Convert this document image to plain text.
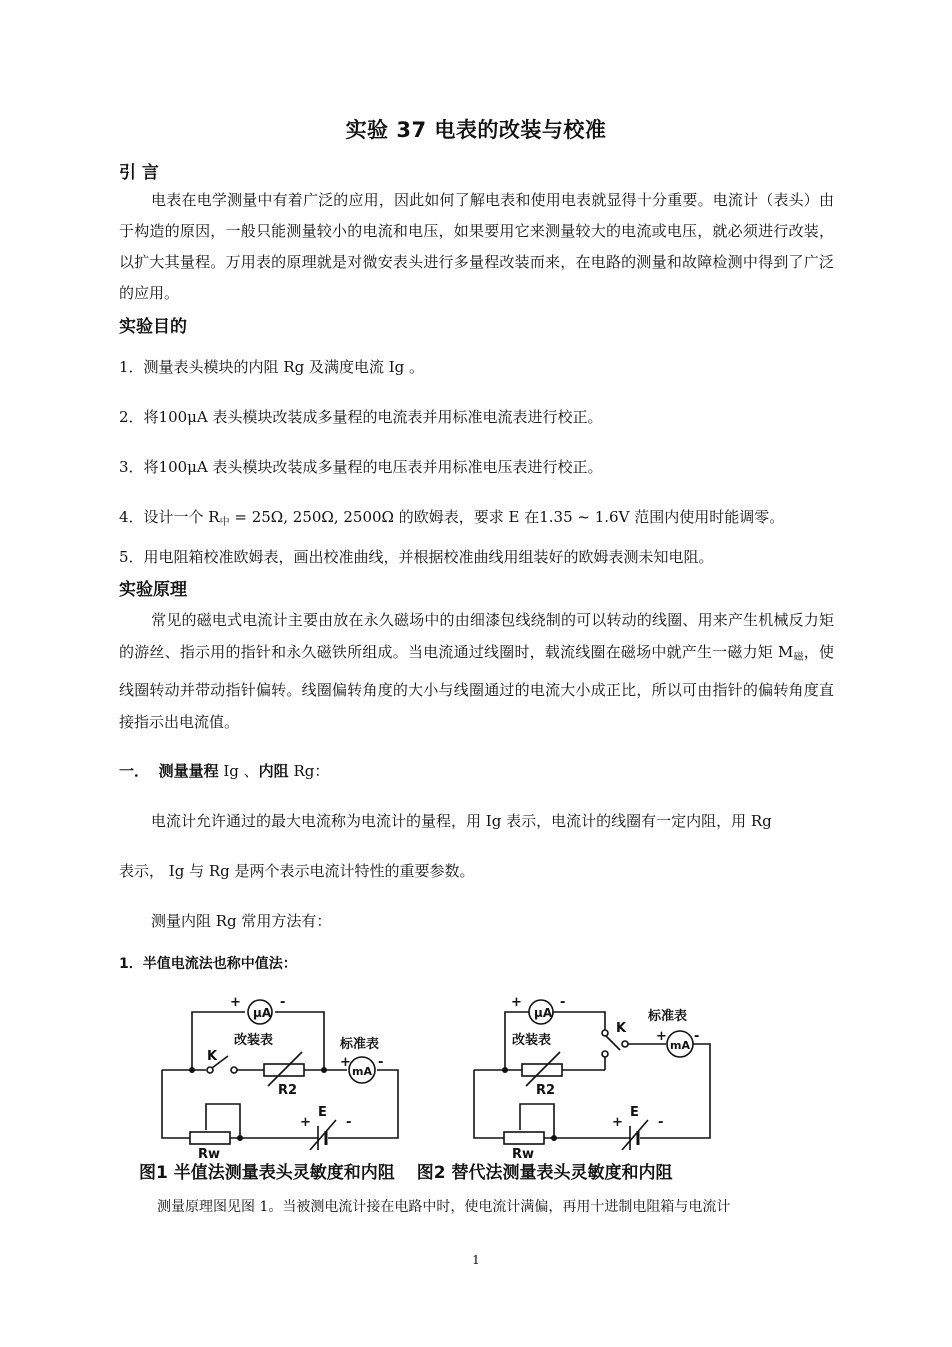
实验 37 电表的改装与校准
引 言
电表在电学测量中有着广泛的应用，因此如何了解电表和使用电表就显得十分重要。电流计（表头）由于构造的原因，一般只能测量较小的电流和电压，如果要用它来测量较大的电流或电压，就必须进行改装，以扩大其量程。万用表的原理就是对微安表头进行多量程改装而来，在电路的测量和故障检测中得到了广泛的应用。
实验目的
1．测量表头模块的内阻 Rg 及满度电流 Ig 。
2．将100μA 表头模块改装成多量程的电流表并用标准电流表进行校正。
3．将100μA 表头模块改装成多量程的电压表并用标准电压表进行校正。
4．设计一个 $R_中 = 25\Omega$, 250Ω, 2500Ω 的欧姆表，要求 E 在1.35 ~ 1.6V 范围内使用时能调零。
5．用电阻箱校准欧姆表，画出校准曲线，并根据校准曲线用组装好的欧姆表测未知电阻。
实验原理
常见的磁电式电流计主要由放在永久磁场中的由细漆包线绕制的可以转动的线圈、用来产生机械反力矩的游丝、指示用的指针和永久磁铁所组成。当电流通过线圈时，载流线圈在磁场中就产生一磁力矩 $M_磁$，使线圈转动并带动指针偏转。线圈偏转角度的大小与线圈通过的电流大小成正比，所以可由指针的偏转角度直接指示出电流值。
一． 测量量程 Ig 、内阻 Rg：
电流计允许通过的最大电流称为电流计的量程，用 Ig 表示，电流计的线圈有一定内阻，用 Rg
表示， Ig 与 Rg 是两个表示电流计特性的重要参数。
测量内阻 Rg 常用方法有：
1．半值电流法也称中值法：
μA
+	-
改装表	标准表
K
R2
mA
+ -
E
+	-
Rw
μA
+	-
改装表
标准表
K
R2
mA
+ -
E
+	-
Rw
图1 半值法测量表头灵敏度和内阻 图2 替代法测量表头灵敏度和内阻
测量原理图见图 1。当被测电流计接在电路中时，使电流计满偏，再用十进制电阻箱与电流计
1
